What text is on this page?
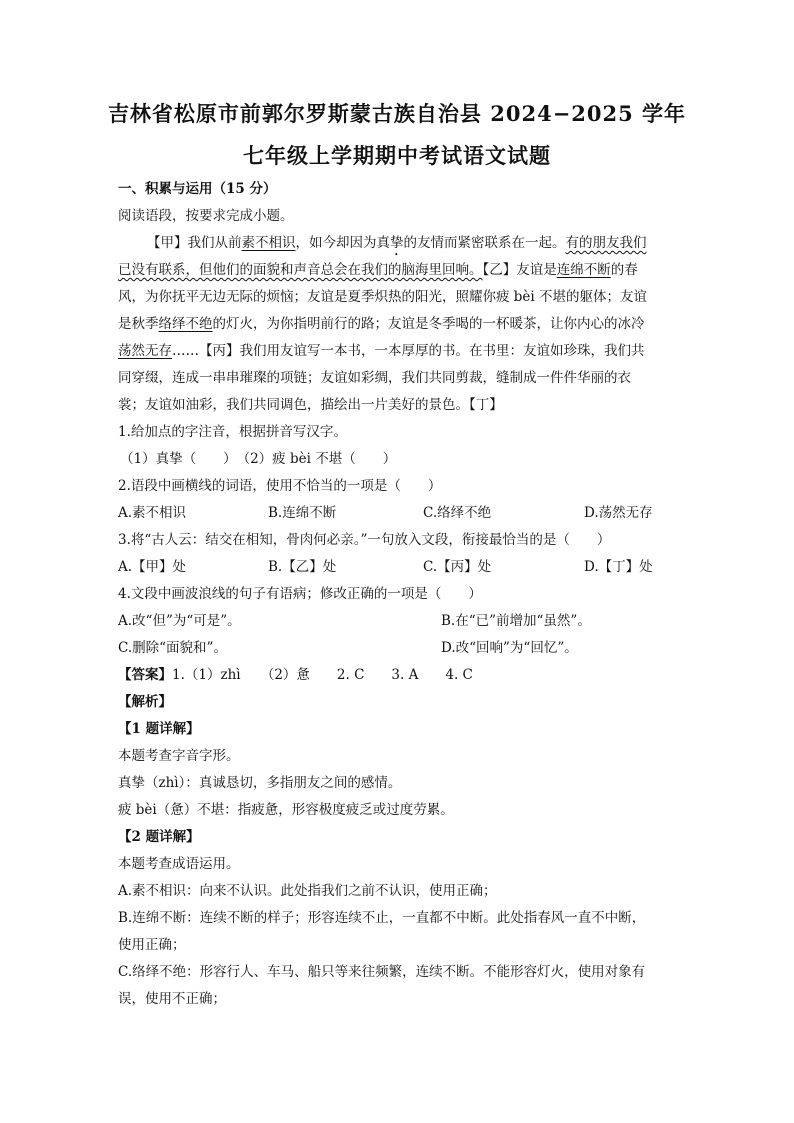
吉林省松原市前郭尔罗斯蒙古族自治县 2024−2025 学年
七年级上学期期中考试语文试题
一、积累与运用（15 分）
阅读语段，按要求完成小题。
【甲】我们从前素不相识，如今却因为真挚的友情而紧密联系在一起。有的朋友我们
已没有联系，但他们的面貌和声音总会在我们的脑海里回响。【乙】友谊是连绵不断的春
风，为你抚平无边无际的烦恼；友谊是夏季炽热的阳光，照耀你疲 bèi 不堪的躯体；友谊
是秋季络绎不绝的灯火，为你指明前行的路；友谊是冬季喝的一杯暖茶，让你内心的冰冷
荡然无存……【丙】我们用友谊写一本书，一本厚厚的书。在书里：友谊如珍珠，我们共
同穿缀，连成一串串璀璨的项链；友谊如彩绸，我们共同剪裁，缝制成一件件华丽的衣
裳；友谊如油彩，我们共同调色，描绘出一片美好的景色。【丁】
1.给加点的字注音，根据拼音写汉字。
（1）真挚（　　）　（2）疲 bèi 不堪（　　）
2.语段中画横线的词语，使用不恰当的一项是（　　）
A.素不相识	B.连绵不断	C.络绎不绝	D.荡然无存
3.将“古人云：结交在相知，骨肉何必亲。”一句放入文段，衔接最恰当的是（　　）
A.【甲】处	B.【乙】处	C.【丙】处	D.【丁】处
4.文段中画波浪线的句子有语病；修改正确的一项是（　　）
A.改“但”为“可是”。	B.在“已”前增加“虽然”。
C.删除“面貌和”。	D.改“回响”为“回忆”。
【答案】1.（1）zhì　　（2）惫　　2. C　　3. A　　4. C
【解析】
【1 题详解】
本题考查字音字形。
真挚（zhì）：真诚恳切，多指朋友之间的感情。
疲 bèi（惫）不堪：指疲惫，形容极度疲乏或过度劳累。
【2 题详解】
本题考查成语运用。
A.素不相识：向来不认识。此处指我们之前不认识，使用正确；
B.连绵不断：连续不断的样子；形容连续不止，一直都不中断。此处指春风一直不中断，
使用正确；
C.络绎不绝：形容行人、车马、船只等来往频繁，连续不断。不能形容灯火，使用对象有
误，使用不正确；
